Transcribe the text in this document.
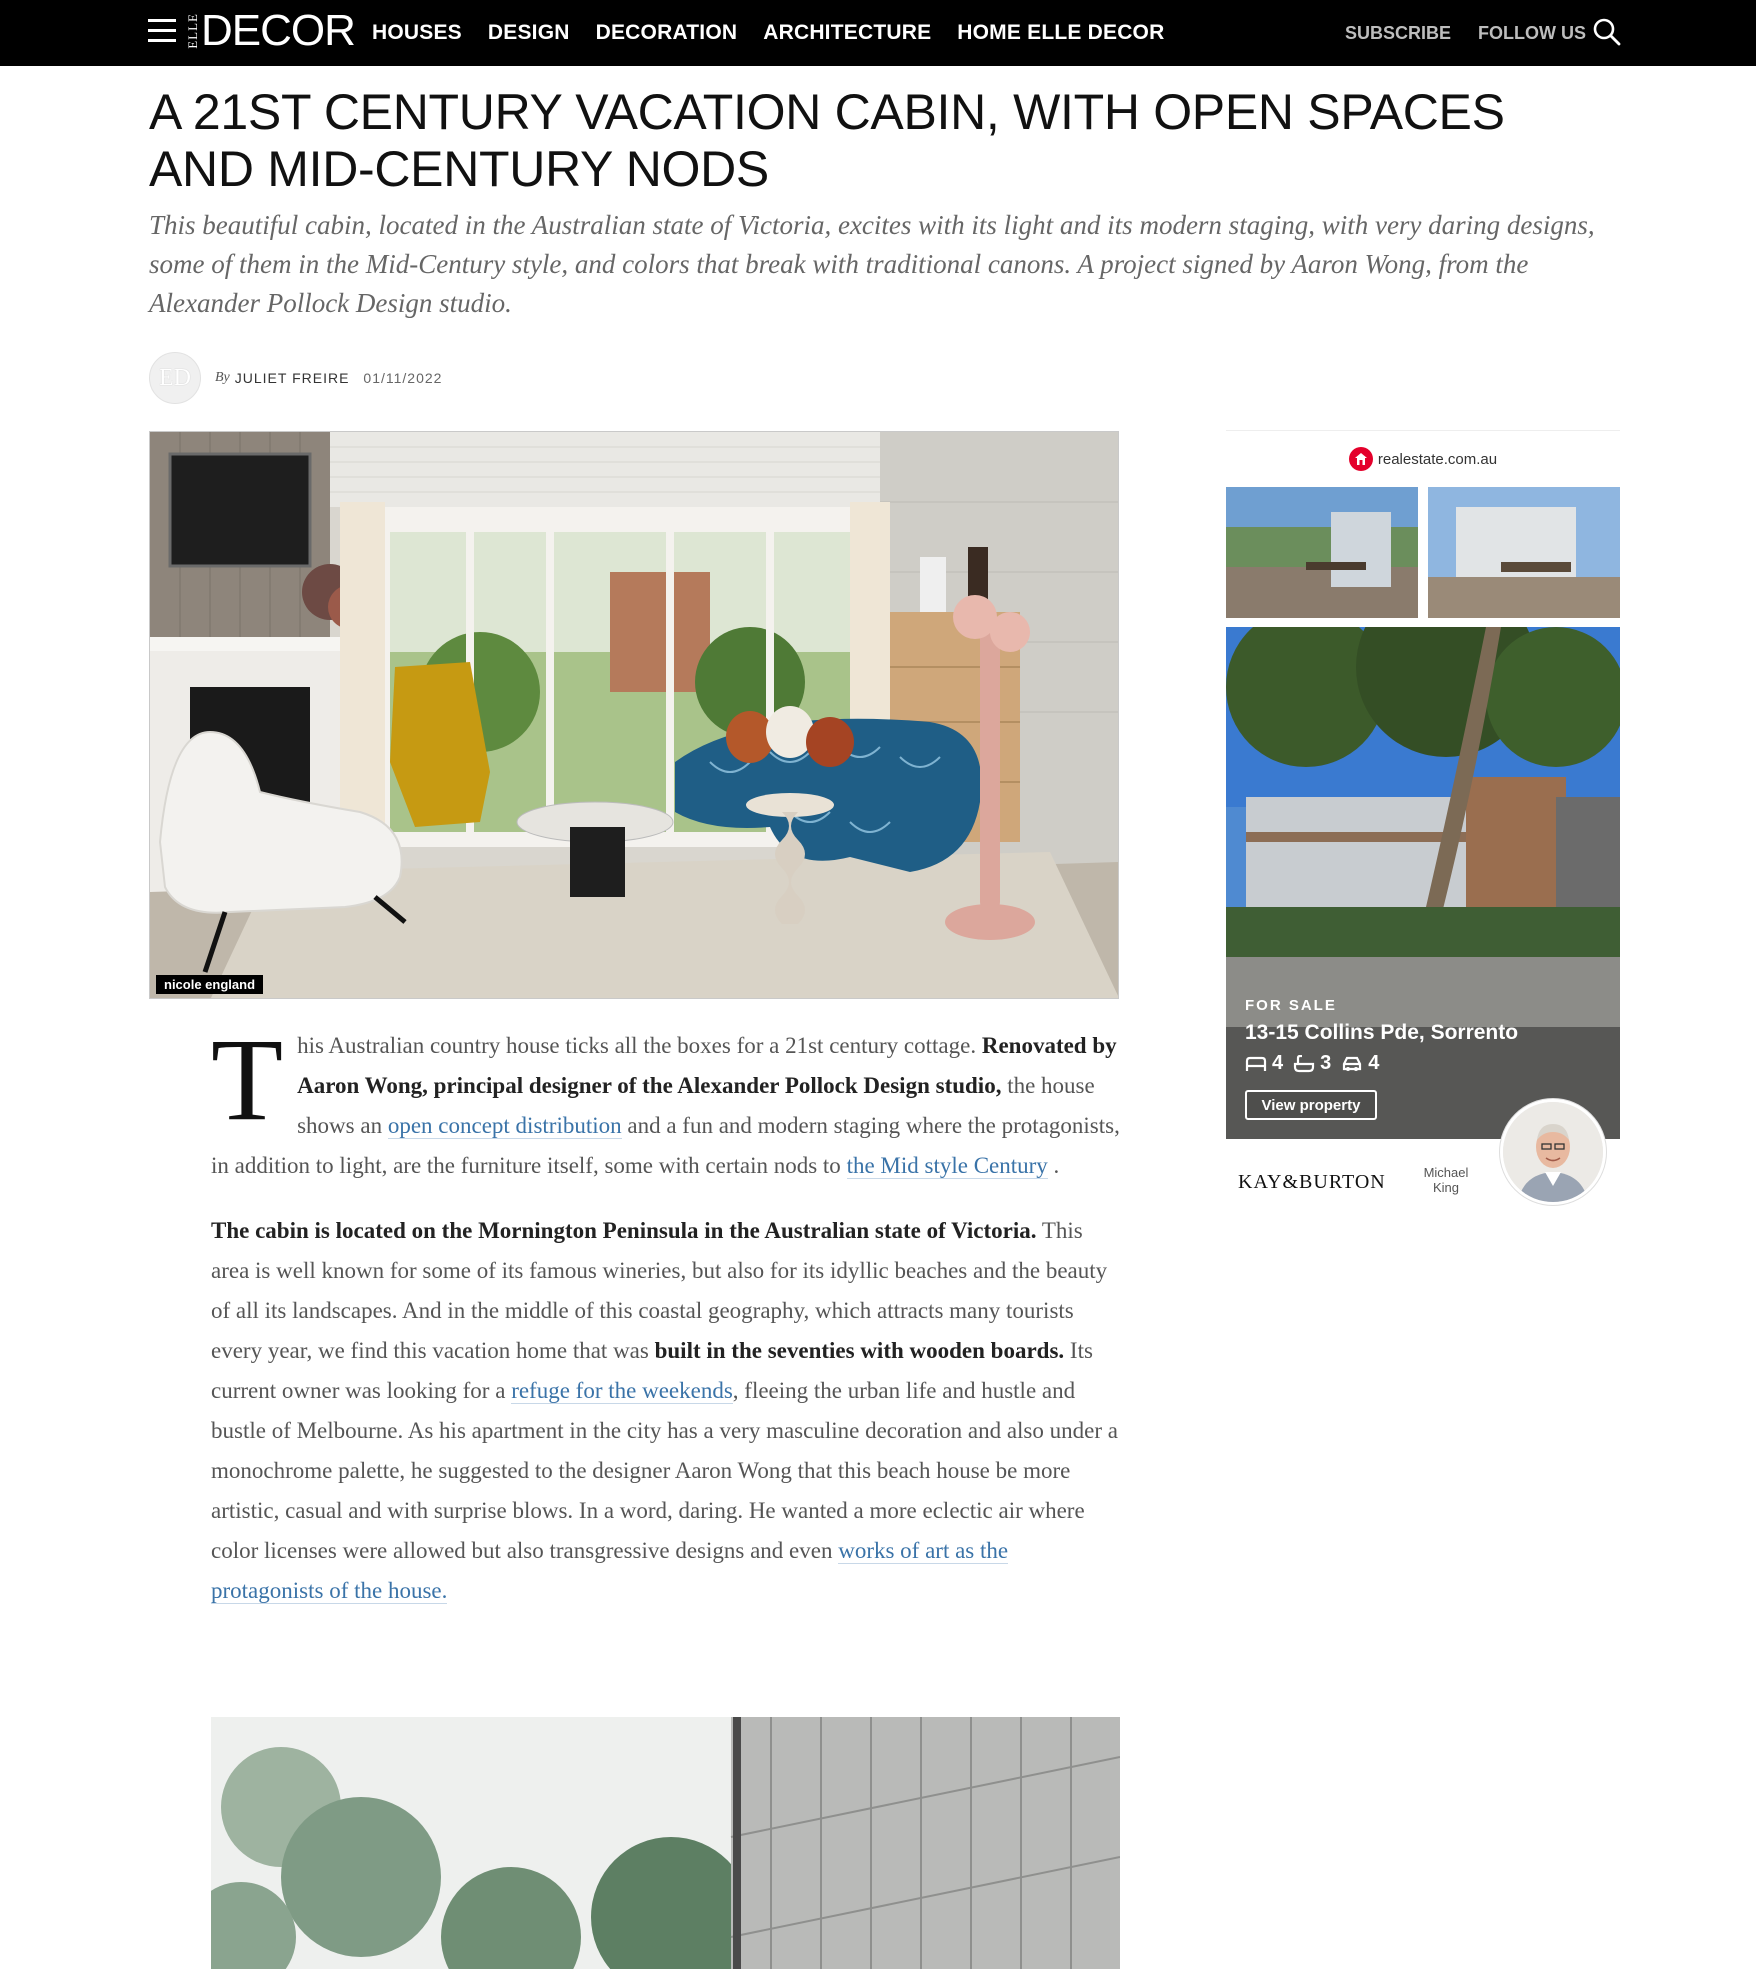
ELLE DECOR HOUSES DESIGN DECORATION ARCHITECTURE HOME ELLE DECOR	SUBSCRIBE FOLLOW US
A 21ST CENTURY VACATION CABIN, WITH OPEN SPACES AND MID-CENTURY NODS

This beautiful cabin, located in the Australian state of Victoria, excites with its light and its modern staging, with very daring designs, some of them in the Mid-Century style, and colors that break with traditional canons. A project signed by Aaron Wong, from the Alexander Pollock Design studio.

ED	By JULIET FREIRE 01/11/2022
nicole england

This Australian country house ticks all the boxes for a 21st century cottage. Renovated by Aaron Wong, principal designer of the Alexander Pollock Design studio, the house shows an open concept distribution and a fun and modern staging where the protagonists, in addition to light, are the furniture itself, some with certain nods to the Mid style Century .

The cabin is located on the Mornington Peninsula in the Australian state of Victoria. This area is well known for some of its famous wineries, but also for its idyllic beaches and the beauty of all its landscapes. And in the middle of this coastal geography, which attracts many tourists every year, we find this vacation home that was built in the seventies with wooden boards. Its current owner was looking for a refuge for the weekends, fleeing the urban life and hustle and bustle of Melbourne. As his apartment in the city has a very masculine decoration and also under a monochrome palette, he suggested to the designer Aaron Wong that this beach house be more artistic, casual and with surprise blows. In a word, daring. He wanted a more eclectic air where color licenses were allowed but also transgressive designs and even works of art as the protagonists of the house.

realestate.com.au
FOR SALE
13-15 Collins Pde, Sorrento
4 3 4
View property
KAY&BURTON	Michael
King
